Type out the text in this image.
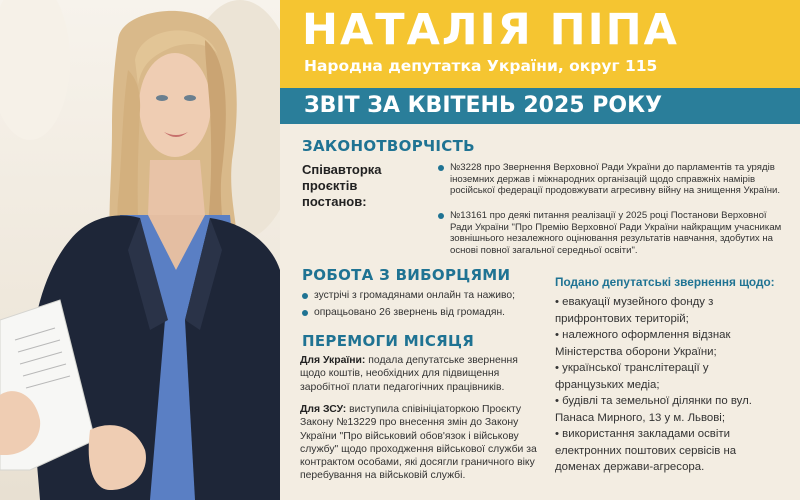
НАТАЛІЯ ПІПА
Народна депутатка України, округ 115
ЗВІТ ЗА КВІТЕНЬ 2025 РОКУ
ЗАКОНОТВОРЧІСТЬ
Співавторка
проєктів
постанов:
№3228 про Звернення Верховної Ради України до парламентів та урядів іноземних держав і міжнародних організацій щодо справжніх намірів російської федерації продовжувати агресивну війну на знищення України.
№13161 про деякі питання реалізації у 2025 році Постанови Верховної Ради України "Про Премію Верховної Ради України найкращим учасникам зовнішнього незалежного оцінювання результатів навчання, здобутих на основі повної загальної середньої освіти".
РОБОТА З ВИБОРЦЯМИ
зустрічі з громадянами онлайн та наживо;
опрацьовано 26 звернень від громадян.
ПЕРЕМОГИ МІСЯЦЯ
Для України: подала депутатське звернення щодо коштів, необхідних для підвищення заробітної плати педагогічних працівників.
Для ЗСУ: виступила співініціаторкою Проєкту Закону №13229 про внесення змін до Закону України "Про військовий обов'язок і військову службу" щодо проходження військової служби за контрактом особами, які досягли граничного віку перебування на військовій службі.
Подано депутатські звернення щодо:
• евакуації музейного фонду з прифронтових територій;
• належного оформлення відзнак Міністерства оборони України;
• української транслітерації у французьких медіа;
• будівлі та земельної ділянки по вул. Панаса Мирного, 13 у м. Львові;
• використання закладами освіти електронних поштових сервісів на доменах держави-агресора.
